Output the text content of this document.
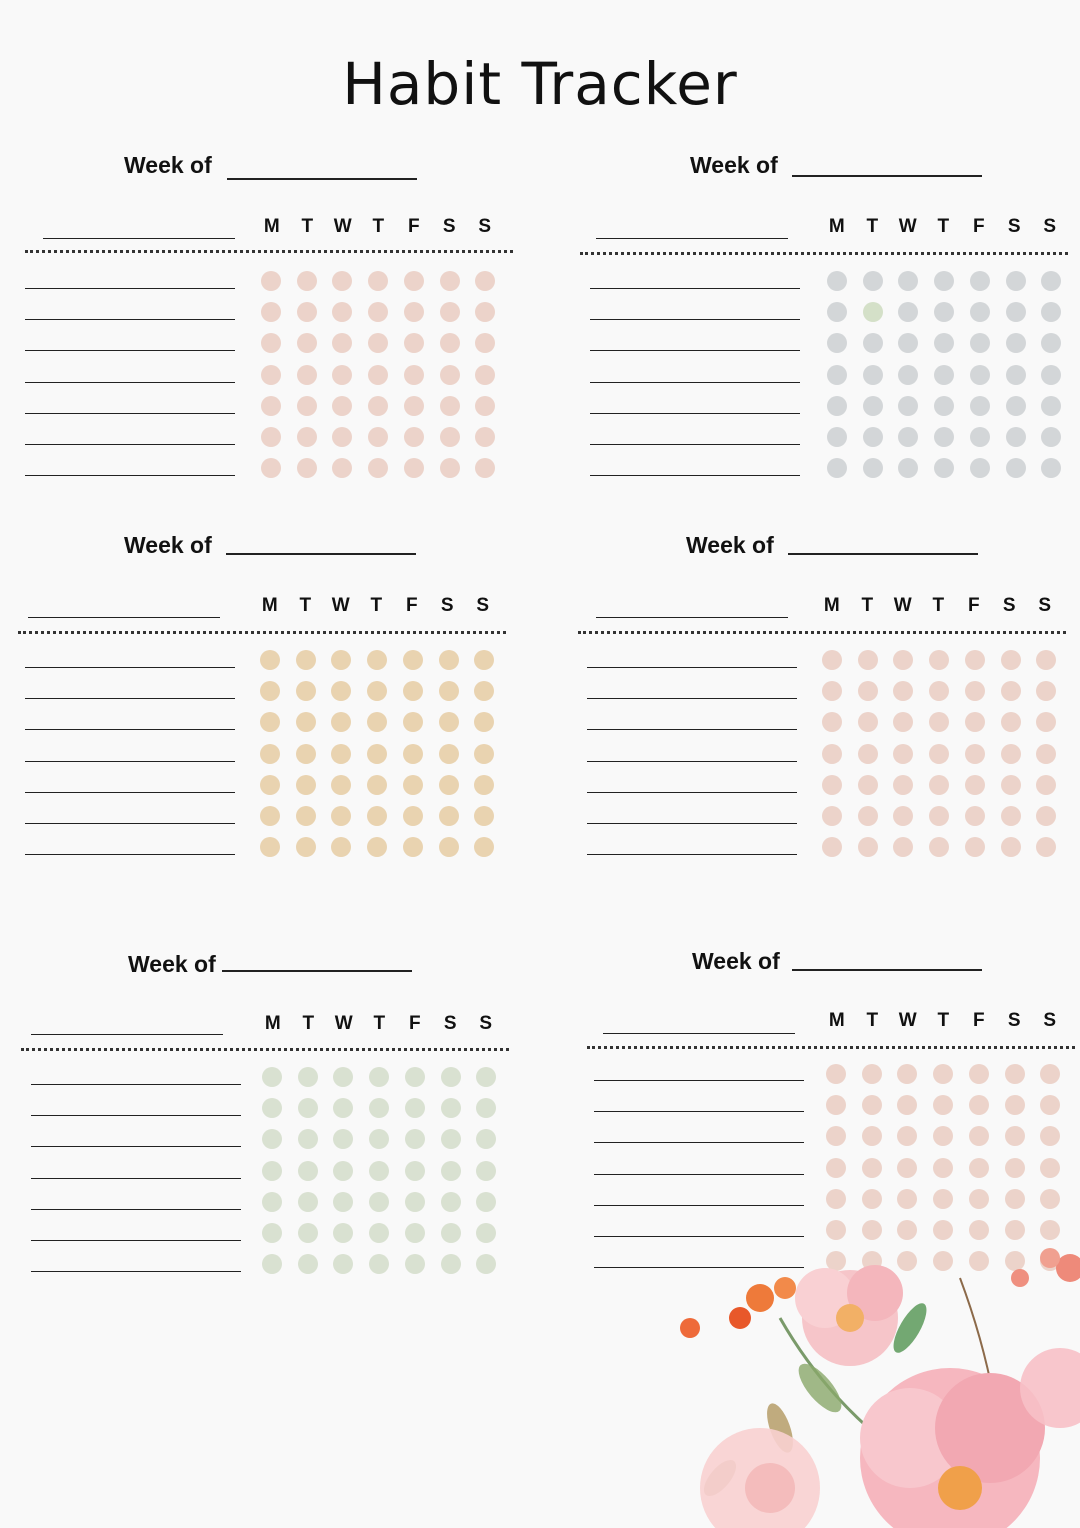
Habit Tracker
Week of
M	T	W	T	F	S	S
Week of
M	T	W	T	F	S	S
Week of
M	T	W	T	F	S	S
Week of
M	T	W	T	F	S	S
Week of
M	T	W	T	F	S	S
Week of
M	T	W	T	F	S	S
